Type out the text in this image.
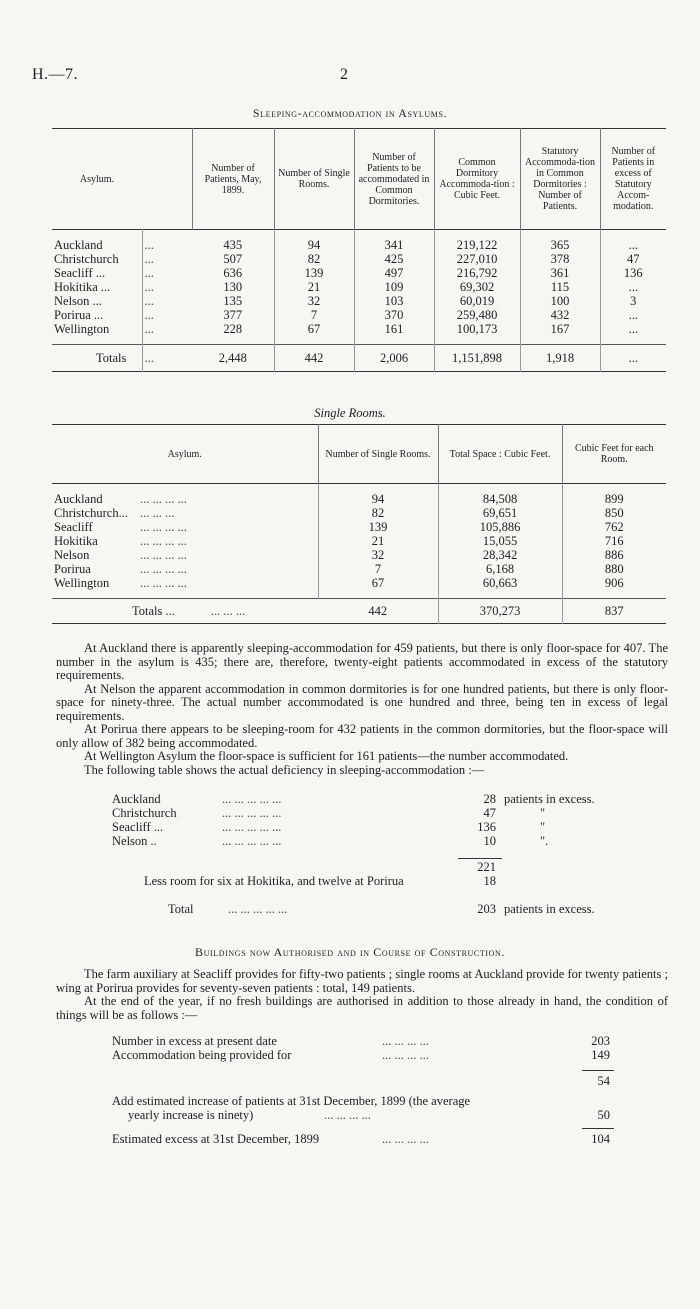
H.—7.	2
Sleeping-accommodation in Asylums.
Asylum.		Number of Patients, May, 1899.	Number of Single Rooms.	Number of Patients to be accommodated in Common Dormitories.	Common Dormitory Accommoda-tion : Cubic Feet.	Statutory Accommoda-tion in Common Dormitories : Number of Patients.	Number of Patients in excess of Statutory Accom-modation.

Auckland	...	435	94	341	219,122	365	...
Christchurch	...	507	82	425	227,010	378	47
Seacliff ...	...	636	139	497	216,792	361	136
Hokitika ...	...	130	21	109	69,302	115	...
Nelson ...	...	135	32	103	60,019	100	3
Porirua ...	...	377	7	370	259,480	432	...
Wellington	...	228	67	161	100,173	167	...

Totals	...	2,448	442	2,006	1,151,898	1,918	...
Single Rooms.
Asylum.		Number of Single Rooms.	Total Space : Cubic Feet.	Cubic Feet for each Room.

Auckland	... ... ... ...	94	84,508	899
Christchurch...	... ... ...	82	69,651	850
Seacliff	... ... ... ...	139	105,886	762
Hokitika	... ... ... ...	21	15,055	716
Nelson	... ... ... ...	32	28,342	886
Porirua	... ... ... ...	7	6,168	880
Wellington	... ... ... ...	67	60,663	906

Totals ... ... ... ...		442	370,273	837

At Auckland there is apparently sleeping-accommodation for 459 patients, but there is only floor-space for 407. The number in the asylum is 435; there are, therefore, twenty-eight patients accommodated in excess of the statutory requirements.

At Nelson the apparent accommodation in common dormitories is for one hundred patients, but there is only floor-space for ninety-three. The actual number accommodated is one hundred and three, being ten in excess of legal requirements.

At Porirua there appears to be sleeping-room for 432 patients in the common dormitories, but the floor-space will only allow of 382 being accommodated.

At Wellington Asylum the floor-space is sufficient for 161 patients—the number accommodated.

The following table shows the actual deficiency in sleeping-accommodation :—

Auckland	... ... ... ... ...	28 patients in excess.
Christchurch	... ... ... ... ...	47	"
Seacliff ...	... ... ... ... ...	136	"
Nelson ..	... ... ... ... ...	10	".
221
Less room for six at Hokitika, and twelve at Porirua	18
Total	... ... ... ... ...	203 patients in excess.
Buildings now Authorised and in Course of Construction.

The farm auxiliary at Seacliff provides for fifty-two patients ; single rooms at Auckland provide for twenty patients ; wing at Porirua provides for seventy-seven patients : total, 149 patients.

At the end of the year, if no fresh buildings are authorised in addition to those already in hand, the condition of things will be as follows :—

Number in excess at present date	... ... ... ...	203
Accommodation being provided for	... ... ... ...	149
54
Add estimated increase of patients at 31st December, 1899 (the average
yearly increase is ninety)	... ... ... ...	50
Estimated excess at 31st December, 1899	... ... ... ...	104
